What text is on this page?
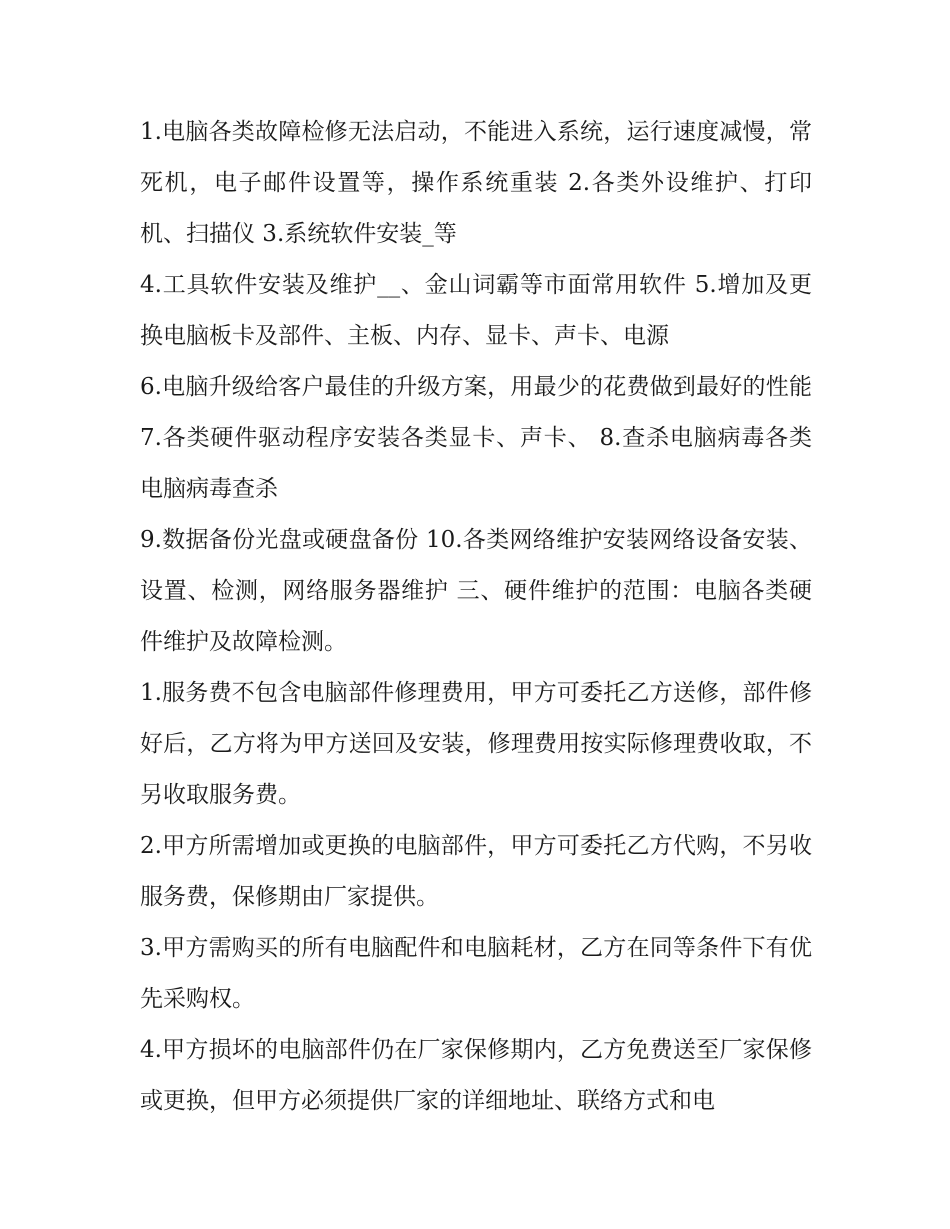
1.电脑各类故障检修无法启动，不能进入系统，运行速度减慢，常死机，电子邮件设置等，操作系统重装 2.各类外设维护、打印机、扫描仪 3.系统软件安装_等

4.工具软件安装及维护__、金山词霸等市面常用软件 5.增加及更换电脑板卡及部件、主板、内存、显卡、声卡、电源

6.电脑升级给客户最佳的升级方案，用最少的花费做到最好的性能 7.各类硬件驱动程序安装各类显卡、声卡、 8.查杀电脑病毒各类电脑病毒查杀

9.数据备份光盘或硬盘备份 10.各类网络维护安装网络设备安装、设置、检测，网络服务器维护 三、硬件维护的范围：电脑各类硬件维护及故障检测。

1.服务费不包含电脑部件修理费用，甲方可委托乙方送修，部件修好后，乙方将为甲方送回及安装，修理费用按实际修理费收取，不另收取服务费。

2.甲方所需增加或更换的电脑部件，甲方可委托乙方代购，不另收服务费，保修期由厂家提供。

3.甲方需购买的所有电脑配件和电脑耗材，乙方在同等条件下有优先采购权。

4.甲方损坏的电脑部件仍在厂家保修期内，乙方免费送至厂家保修或更换，但甲方必须提供厂家的详细地址、联络方式和电
